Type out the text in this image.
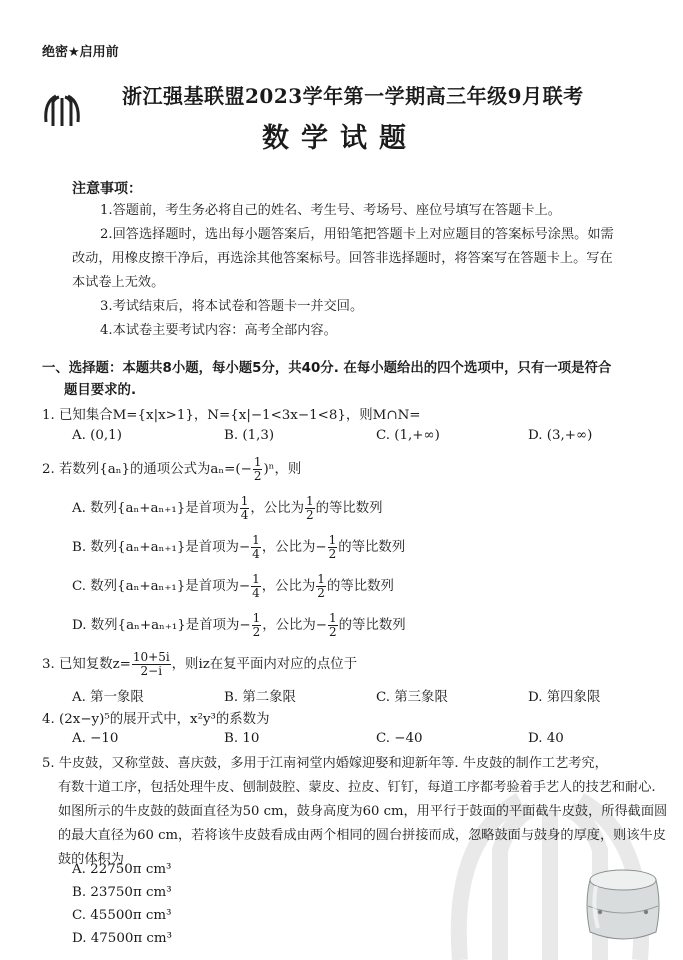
绝密★启用前
浙江强基联盟2023学年第一学期高三年级9月联考
数学试题
注意事项：

1.答题前，考生务必将自己的姓名、考生号、考场号、座位号填写在答题卡上。

2.回答选择题时，选出每小题答案后，用铅笔把答题卡上对应题目的答案标号涂黑。如需改动，用橡皮擦干净后，再选涂其他答案标号。回答非选择题时，将答案写在答题卡上。写在本试卷上无效。

3.考试结束后，将本试卷和答题卡一并交回。

4.本试卷主要考试内容：高考全部内容。

一、选择题：本题共8小题，每小题5分，共40分. 在每小题给出的四个选项中，只有一项是符合
题目要求的.
1. 已知集合M={x|x>1}，N={x|−1<3x−1<8}，则M∩N=
A. (0,1)	B. (1,3)	C. (1,+∞)	D. (3,+∞)
2. 若数列{aₙ}的通项公式为$a_n=(- \frac{1}{2} )^n$，则
A. 数列{aₙ+aₙ₊₁}是首项为 $\frac{1}{4}$ ，公比为 $\frac{1}{2}$ 的等比数列
B. 数列{aₙ+aₙ₊₁}是首项为− $\frac{1}{4}$ ，公比为− $\frac{1}{2}$ 的等比数列
C. 数列{aₙ+aₙ₊₁}是首项为− $\frac{1}{4}$ ，公比为 $\frac{1}{2}$ 的等比数列
D. 数列{aₙ+aₙ₊₁}是首项为− $\frac{1}{2}$ ，公比为− $\frac{1}{2}$ 的等比数列
3. 已知复数$z= \frac{10+5i}{2-i}$ ，则iz在复平面内对应的点位于
A. 第一象限	B. 第二象限	C. 第三象限	D. 第四象限
4. (2x−y)⁵的展开式中，x²y³的系数为
A. −10	B. 10	C. −40	D. 40
5. 牛皮鼓，又称堂鼓、喜庆鼓，多用于江南祠堂内婚嫁迎娶和迎新年等. 牛皮鼓的制作工艺考究，
有数十道工序，包括处理牛皮、刨制鼓腔、蒙皮、拉皮、钉钉，每道工序都考验着手艺人的技艺和耐心. 如图所示的牛皮鼓的鼓面直径为50 cm，鼓身高度为60 cm，用平行于鼓面的平面截牛皮鼓，所得截面圆的最大直径为60 cm，若将该牛皮鼓看成由两个相同的圆台拼接而成，忽略鼓面与鼓身的厚度，则该牛皮鼓的体积为
A. 22750π cm³
B. 23750π cm³
C. 45500π cm³
D. 47500π cm³
